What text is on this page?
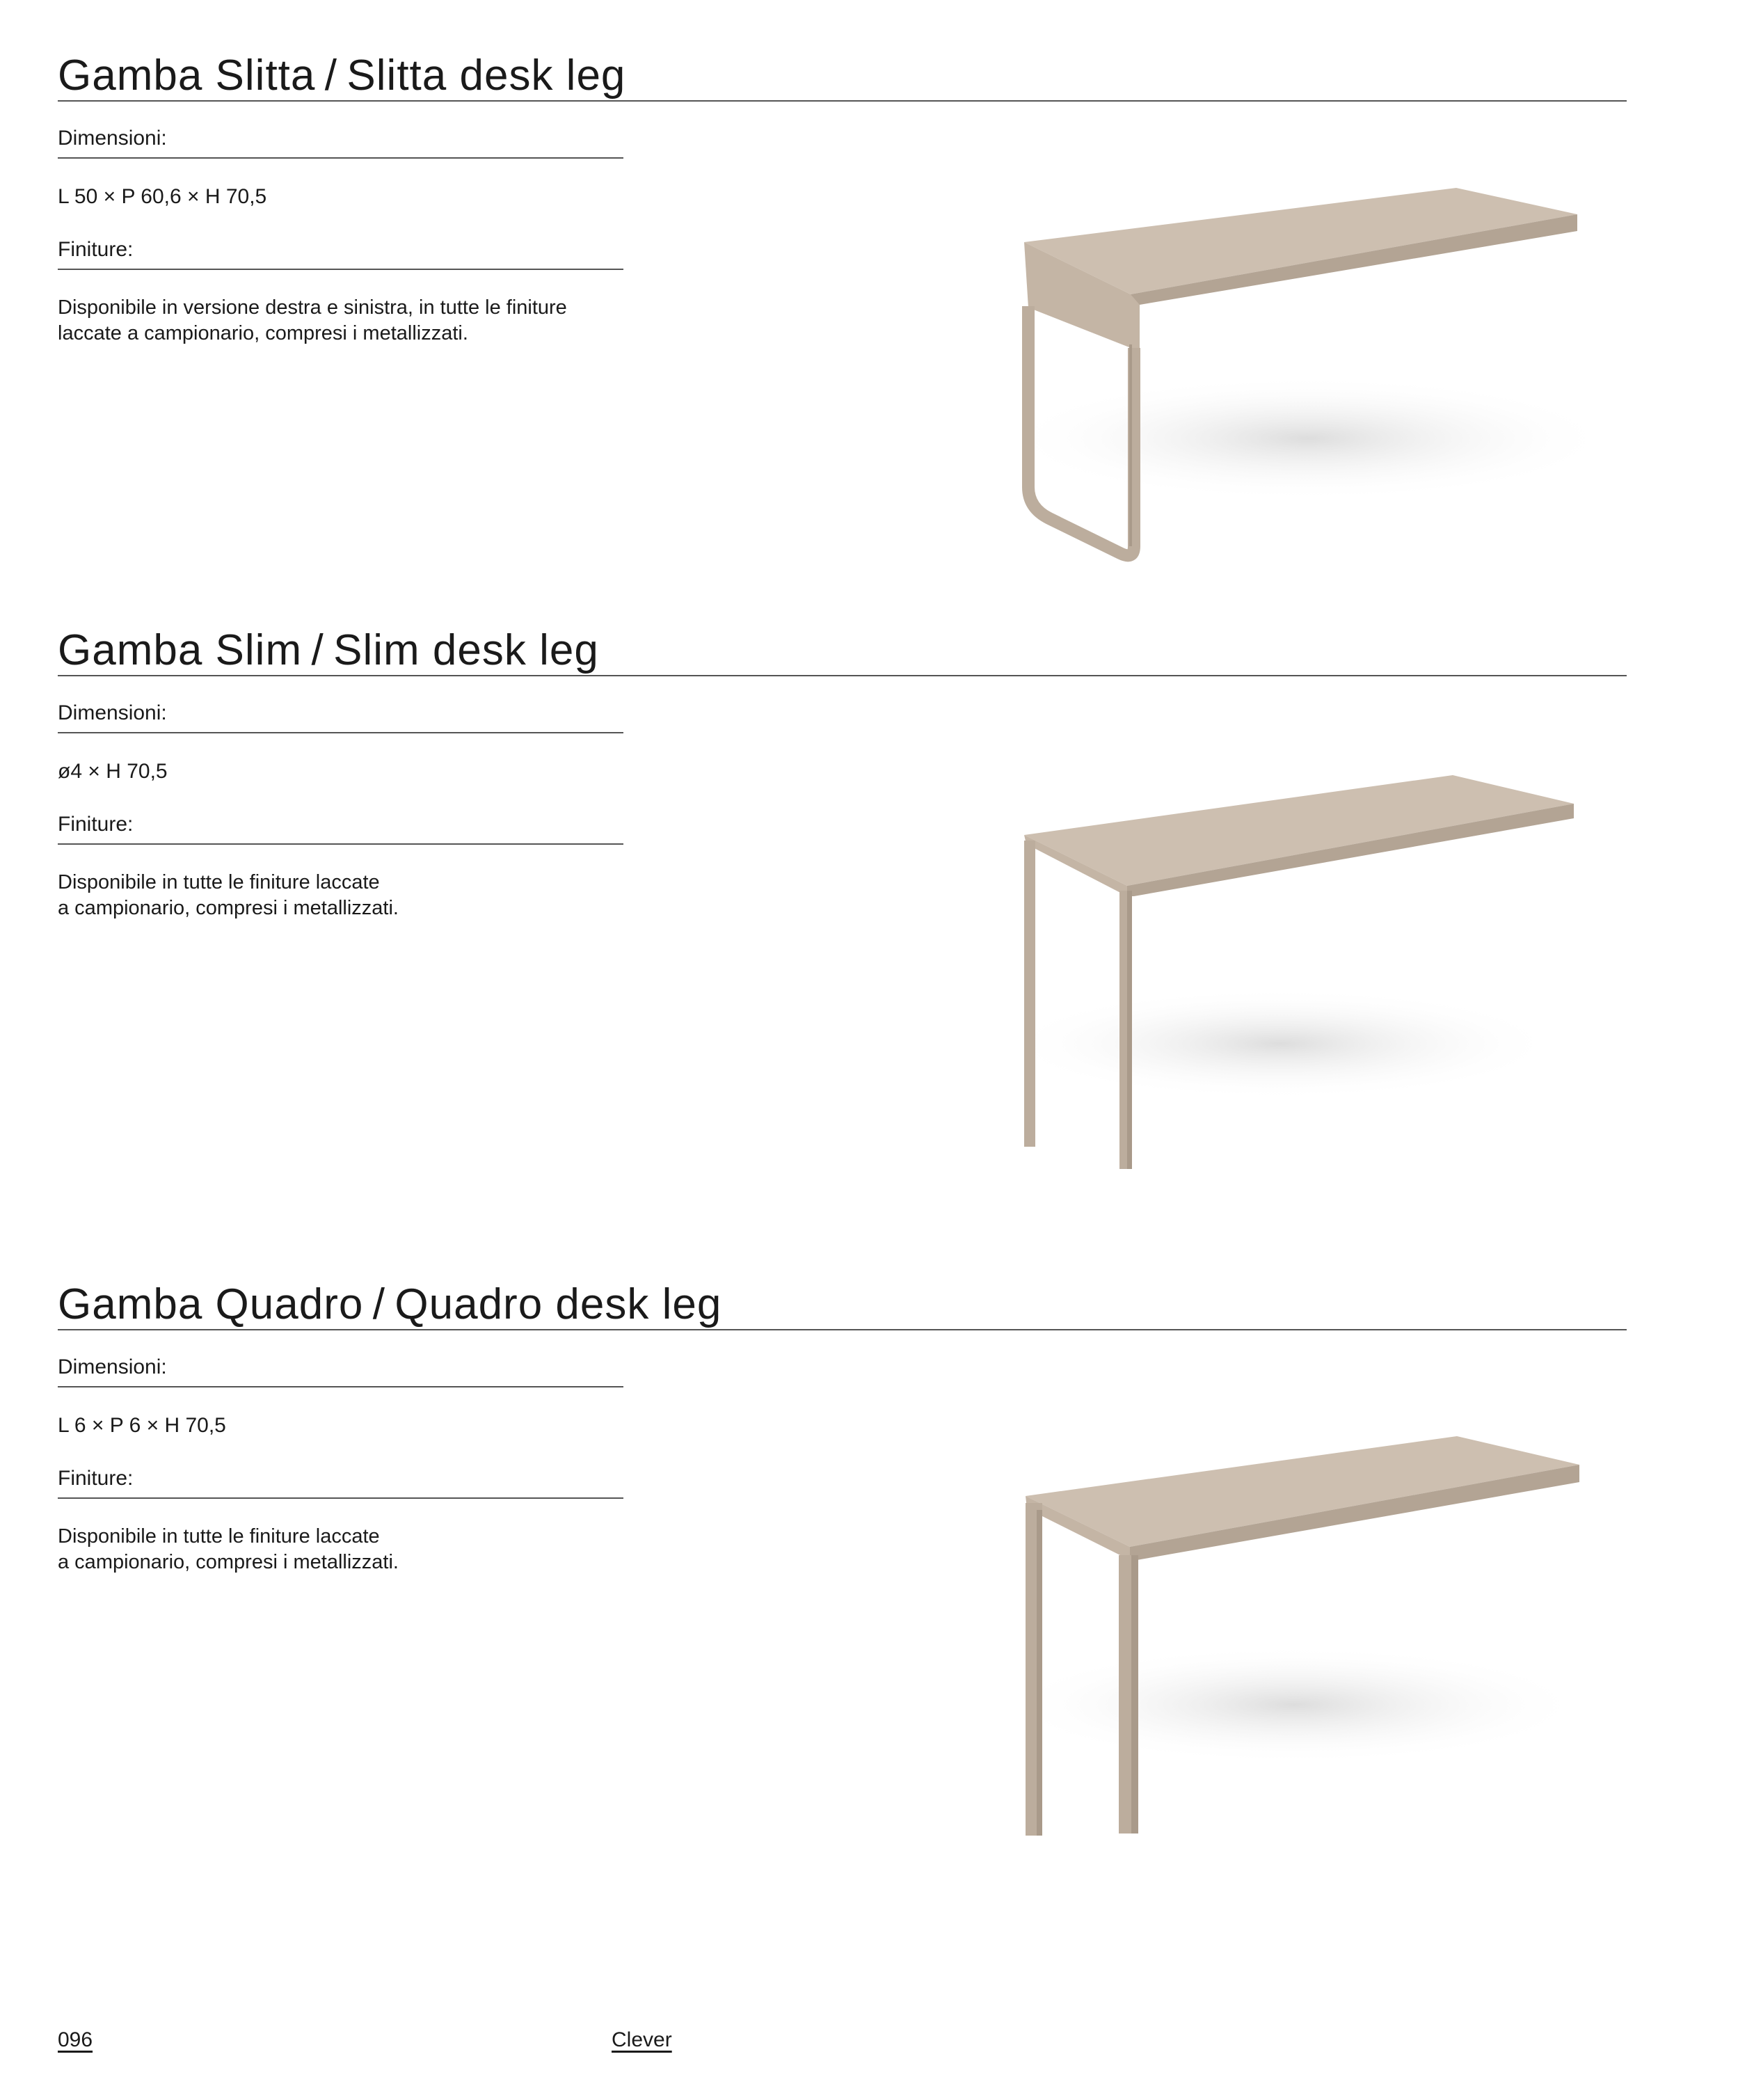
Gamba Slitta / Slitta desk leg
Dimensioni:
L 50 × P 60,6 × H 70,5
Finiture:
Disponibile in versione destra e sinistra, in tutte le finiture
laccate a campionario, compresi i metallizzati.
Gamba Slim / Slim desk leg
Dimensioni:
ø4 × H 70,5
Finiture:
Disponibile in tutte le finiture laccate
a campionario, compresi i metallizzati.
Gamba Quadro / Quadro desk leg
Dimensioni:
L 6 × P 6 × H 70,5
Finiture:
Disponibile in tutte le finiture laccate
a campionario, compresi i metallizzati.
096	Clever
